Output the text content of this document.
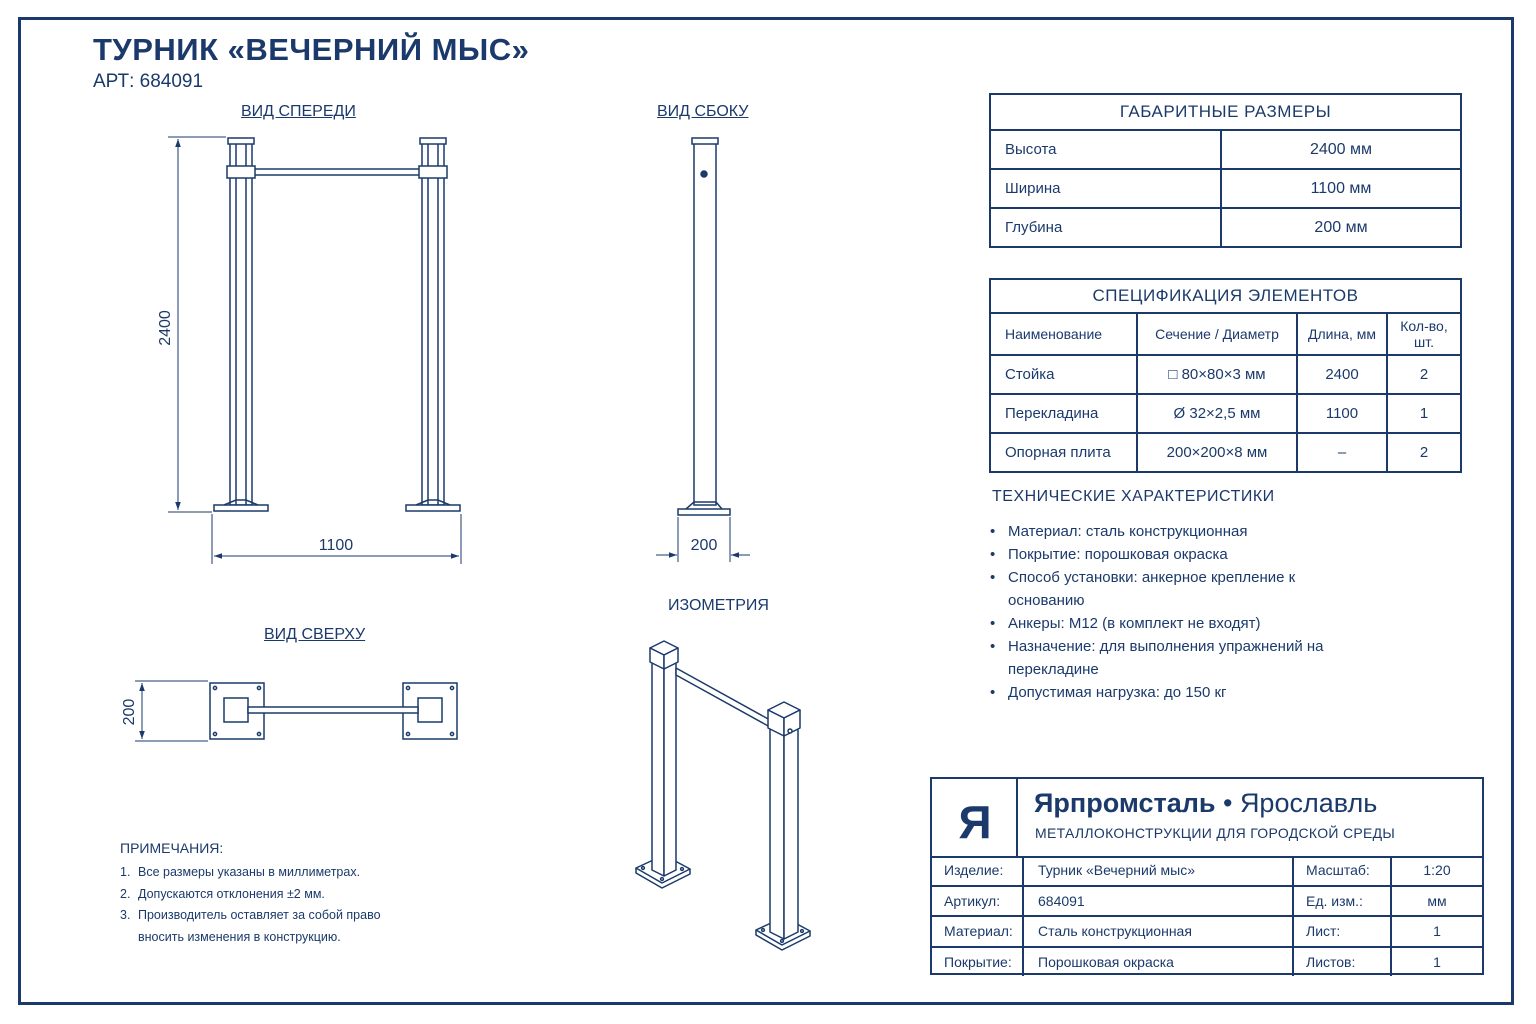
ТУРНИК «ВЕЧЕРНИЙ МЫС»
АРТ: 684091
ВИД СПЕРЕДИ	ВИД СБОКУ
ВИД СВЕРХУ
ИЗОМЕТРИЯ
2400
1100	200
200
Я
ГАБАРИТНЫЕ РАЗМЕРЫ	
Высота	2400 мм
Ширина	1100 мм
Глубина	200 мм
СПЕЦИФИКАЦИЯ ЭЛЕМЕНТОВ			
Наименование	Сечение / Диаметр	Длина, мм	Кол-во, шт.
Стойка	□ 80×80×3 мм	2400	2
Перекладина	Ø 32×2,5 мм	1100	1
Опорная плита	200×200×8 мм	–	2
ТЕХНИЧЕСКИЕ ХАРАКТЕРИСТИКИ
• Материал: сталь конструкционная
• Покрытие: порошковая окраска
• Способ установки: анкерное крепление к основанию
• Анкеры: М12 (в комплект не входят)
• Назначение: для выполнения упражнений на перекладине
• Допустимая нагрузка: до 150 кг
ПРИМЕЧАНИЯ:
1. Все размеры указаны в миллиметрах.
2. Допускаются отклонения ±2 мм.
3. Производитель оставляет за собой право вносить изменения в конструкцию.
Ярпромсталь • Ярославль
МЕТАЛЛОКОНСТРУКЦИИ ДЛЯ ГОРОДСКОЙ СРЕДЫ
Изделие:	Турник «Вечерний мыс»	Масштаб:	1:20
Артикул:	684091	Ед. изм.:	мм
Материал:	Сталь конструкционная	Лист:	1
Покрытие:	Порошковая окраска	Листов:	1
